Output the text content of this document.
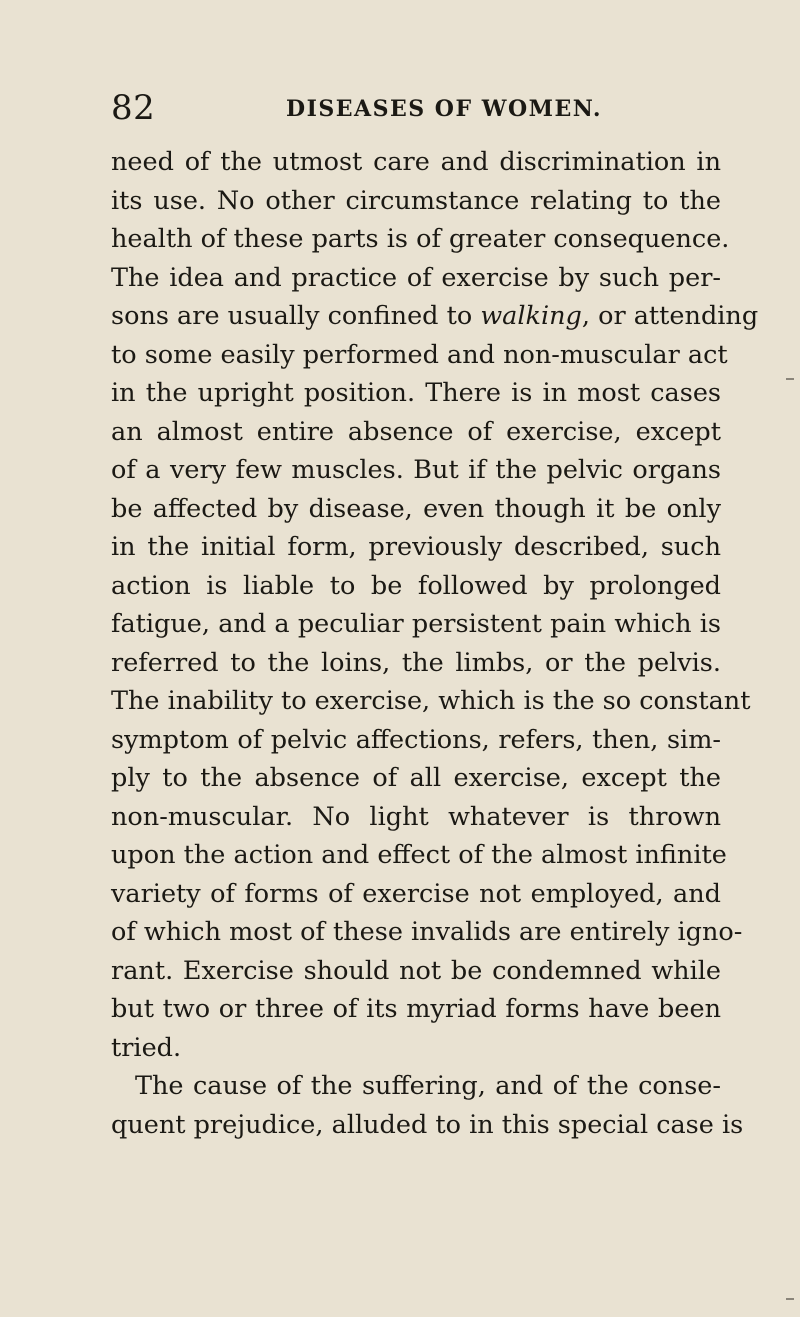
82	DISEASES OF WOMEN.
need of the utmost care and discrimination in
its use. No other circumstance relating to the
health of these parts is of greater consequence.
The idea and practice of exercise by such per-
sons are usually confined to walking, or attending
to some easily performed and non-muscular act
in the upright position. There is in most cases
an almost entire absence of exercise, except
of a very few muscles. But if the pelvic organs
be affected by disease, even though it be only
in the initial form, previously described, such
action is liable to be followed by prolonged
fatigue, and a peculiar persistent pain which is
referred to the loins, the limbs, or the pelvis.
The inability to exercise, which is the so constant
symptom of pelvic affections, refers, then, sim-
ply to the absence of all exercise, except the
non-muscular. No light whatever is thrown
upon the action and effect of the almost infinite
variety of forms of exercise not employed, and
of which most of these invalids are entirely igno-
rant. Exercise should not be condemned while
but two or three of its myriad forms have been
tried.
The cause of the suffering, and of the conse-
quent prejudice, alluded to in this special case is
